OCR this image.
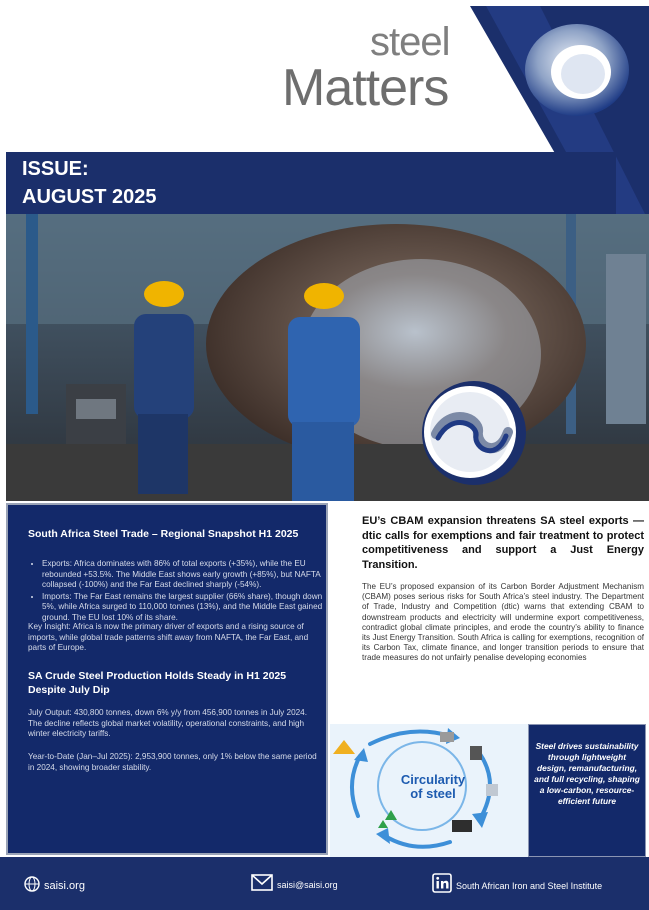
steel
Matters
ISSUE:
AUGUST 2025
South Africa Steel Trade – Regional Snapshot H1 2025
• Exports: Africa dominates with 86% of total exports (+35%), while the EU rebounded +53.5%. The Middle East shows early growth (+85%), but NAFTA collapsed (-100%) and the Far East declined sharply (-54%).
• Imports: The Far East remains the largest supplier (66% share), though down 5%, while Africa surged to 110,000 tonnes (13%), and the Middle East gained ground. The EU lost 10% of its share.
Key Insight: Africa is now the primary driver of exports and a rising source of imports, while global trade patterns shift away from NAFTA, the Far East, and parts of Europe.
SA Crude Steel Production Holds Steady in H1 2025 Despite July Dip
July Output: 430,800 tonnes, down 6% y/y from 456,900 tonnes in July 2024. The decline reflects global market volatility, operational constraints, and high winter electricity tariffs.
Year-to-Date (Jan–Jul 2025): 2,953,900 tonnes, only 1% below the same period in 2024, showing broader stability.
EU’s CBAM expansion threatens SA steel exports — dtic calls for exemptions and fair treatment to protect competitiveness and support a Just Energy Transition.
The EU’s proposed expansion of its Carbon Border Adjustment Mechanism (CBAM) poses serious risks for South Africa’s steel industry. The Department of Trade, Industry and Competition (dtic) warns that extending CBAM to downstream products and electricity will undermine export competitiveness, contradict global climate principles, and erode the country’s ability to finance its Just Energy Transition. South Africa is calling for exemptions, recognition of its Carbon Tax, climate finance, and longer transition periods to ensure that trade measures do not unfairly penalise developing economies
Circularity
of steel
Steel drives sustainability through lightweight design, remanufacturing, and full recycling, shaping a low-carbon, resource-efficient future
saisi.org	saisi@saisi.org	South African Iron and Steel Institute
